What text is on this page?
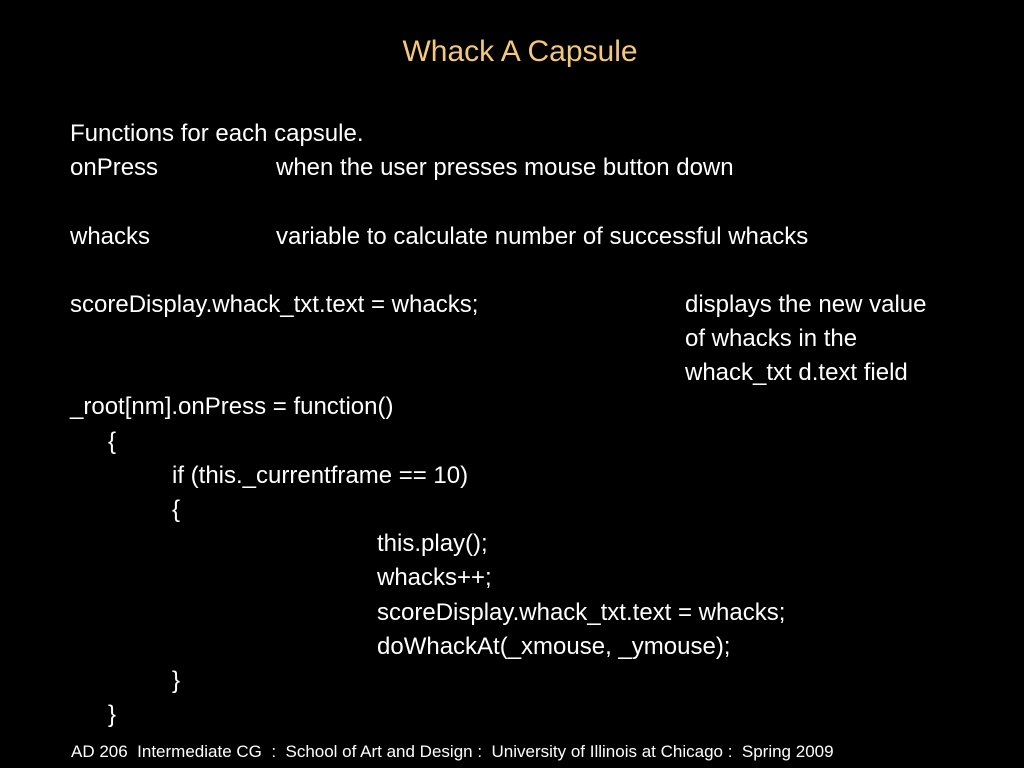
Whack A Capsule
Functions for each capsule.
onPress	when the user presses mouse button down
whacks	variable to calculate number of successful whacks
scoreDisplay.whack_txt.text = whacks;	displays the new value
of whacks in the
whack_txt d.text field
_root[nm].onPress = function()
{
if (this._currentframe == 10)
{
this.play();
whacks++;
scoreDisplay.whack_txt.text = whacks;
doWhackAt(_xmouse, _ymouse);
}
}
AD 206  Intermediate CG  :  School of Art and Design :  University of Illinois at Chicago :  Spring 2009
